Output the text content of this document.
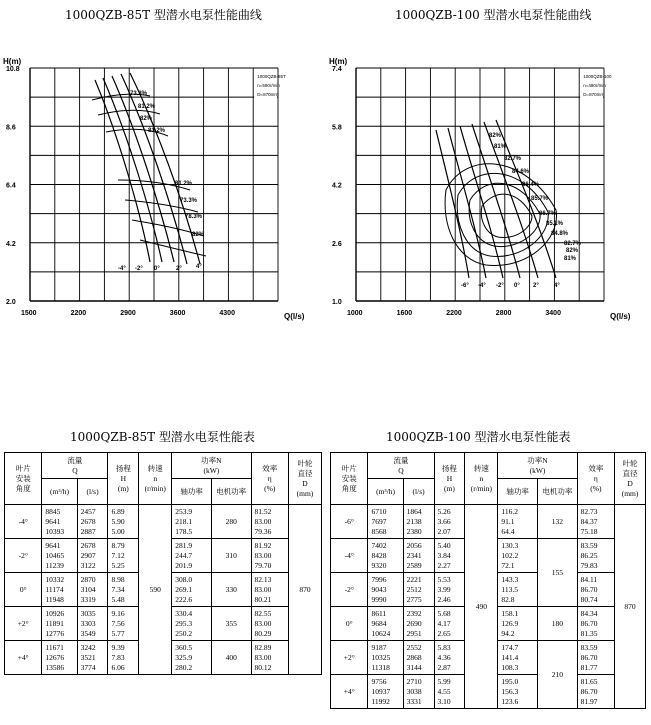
1000QZB-85T 型潜水电泵性能曲线	1000QZB-100 型潜水电泵性能曲线
1000QZB-85T
n=590r/min
D=870mm
H(m)
Q(l/s)
2.0
4.2
6.4
8.6
10.8
1500	2200	2900	3600	4300
73.3%
81.2%
82%
81.2%
81.2%
73.3%
78.3%
82%
-4° -2° 0°	2° 4°
1000QZB-100
n=490r/min
D=870mm
H(m)
Q(l/s)
1.0
2.6
4.2
5.8
7.4
1000	1600	2200	2800	3400
82%
81%
82.7%
84.6%
86.4%
85.7%
86.7%
85.1%
84.8%
82.7%
82%
81%
-6° -4° -2° 0° 2°	4°
1000QZB-85T 型潜水电泵性能表	1000QZB-100 型潜水电泵性能表
叶片
安装
角度	流量
Q		扬程
H
(m)	转速
n
(r/min)	功率N
(kW)		效率
η
(%)	叶轮
直径
D
(mm)
	(m³/h)	(l/s)			轴功率	电机功率		
-4°	8845
9641
10393	2457
2678
2887	6.89
5.90
5.00	590	253.9
218.1
178.5	280	81.52
83.00
79.36	870
-2°	9641
10465
11239	2678
2907
3122	8.79
7.12
5.25		281.9
244.7
201.9	310	81.92
83.00
79.70	
0°	10332
11174
11948	2870
3104
3319	8.98
7.34
5.48		308.0
269.1
222.6	330	82.13
83.00
80.21	
+2°	10926
11891
12776	3035
3303
3549	9.16
7.56
5.77		330.4
295.3
250.2	355	82.55
83.00
80.29	
+4°	11671
12676
13586	3242
3521
3774	9.39
7.83
6.06		360.5
325.9
280.2	400	82.89
83.00
80.12	
叶片
安装
角度	流量
Q		扬程
H
(m)	转速
n
(r/min)	功率N
(kW)		效率
η
(%)	叶轮
直径
D
(mm)
	(m³/h)	(l/s)			轴功率	电机功率		
-6°	6710
7697
8568	1864
2138
2380	5.26
3.66
2.07	490	116.2
91.1
64.4	132	82.73
84.37
75.18	870
-4°	7402
8428
9320	2056
2341
2589	5.40
3.84
2.27		130.3
102.2
72.1	155	83.59
86.25
79.83	
-2°	7996
9043
9990	2221
2512
2775	5.53
3.99
2.46		143.3
113.5
82.8		84.11
86.70
80.74	
0°	8611
9684
10624	2392
2690
2951	5.68
4.17
2.65		158.1
126.9
94.2	180	84.34
86.70
81.35	
+2°	9187
10325
11318	2552
2868
3144	5.83
4.36
2.87		174.7
141.4
108.3	210	83.59
86.70
81.77	
+4°	9756
10937
11992	2710
3038
3331	5.99
4.55
3.10		195.0
156.3
123.6		81.65
86.70
81.97	
